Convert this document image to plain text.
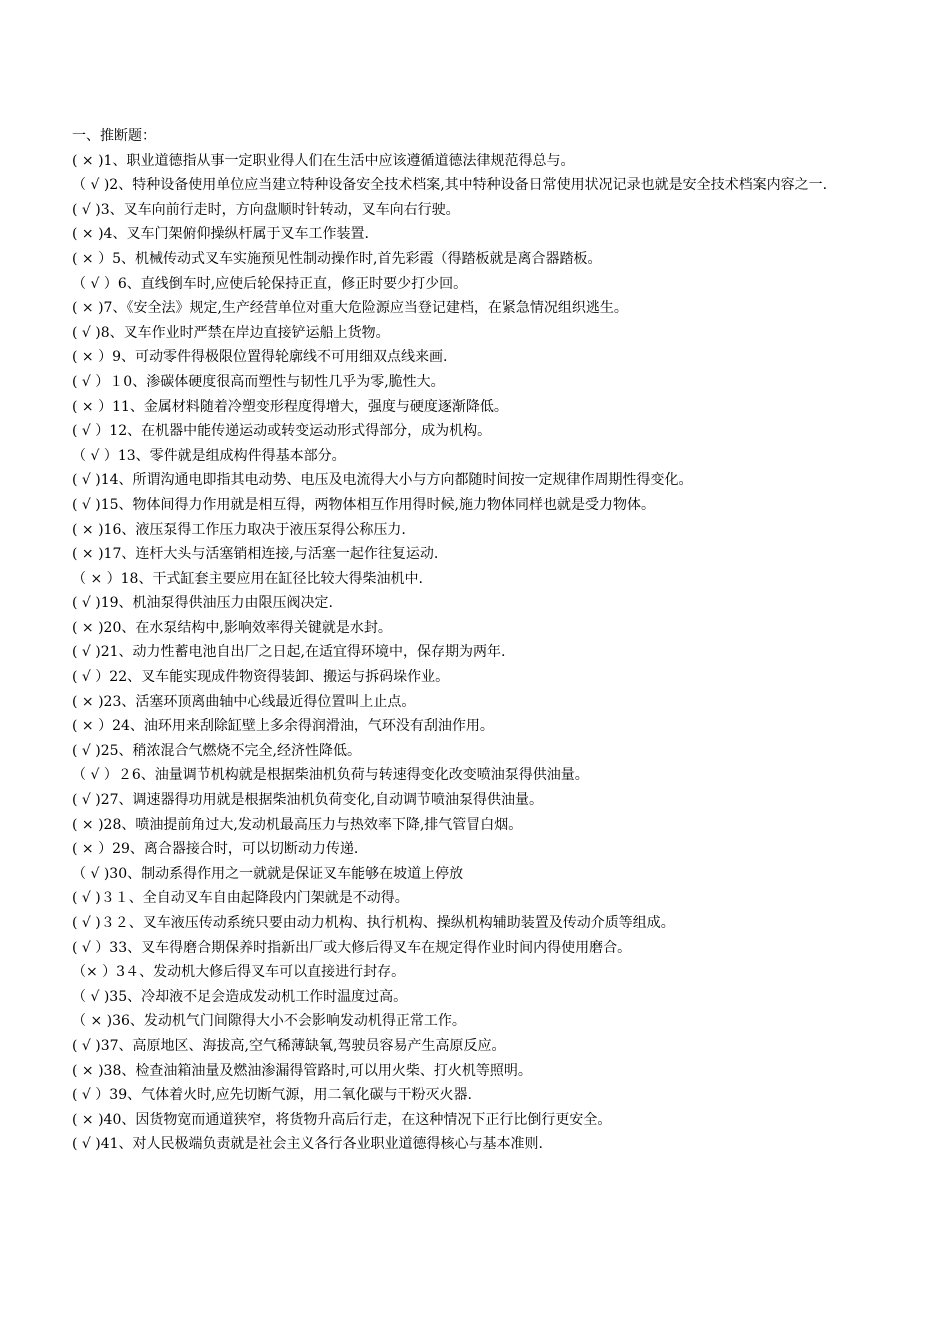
一、推断题：

( × )1、职业道德指从事一定职业得人们在生活中应该遵循道德法律规范得总与。

（ √ )2、特种设备使用单位应当建立特种设备安全技术档案,其中特种设备日常使用状况记录也就是安全技术档案内容之一.

( √ )3、叉车向前行走时，方向盘顺时针转动，叉车向右行驶。

( × )4、叉车门架俯仰操纵杆属于叉车工作装置.

( × ）5、机械传动式叉车实施预见性制动操作时,首先彩霞（得踏板就是离合器踏板。

（ √ ）6、直线倒车时,应使后轮保持正直，修正时要少打少回。

( × )7、《安全法》规定,生产经营单位对重大危险源应当登记建档，在紧急情况组织逃生。

( √ )8、叉车作业时严禁在岸边直接铲运船上货物。

( × ）9、可动零件得极限位置得轮廓线不可用细双点线来画.

( √ ）１0、渗碳体硬度很高而塑性与韧性几乎为零,脆性大。

( × ）11、金属材料随着冷塑变形程度得增大，强度与硬度逐渐降低。

( √ ）12、在机器中能传递运动或转变运动形式得部分，成为机构。

（ √ ）13、零件就是组成构件得基本部分。

( √ )14、所谓沟通电即指其电动势、电压及电流得大小与方向都随时间按一定规律作周期性得变化。

( √ )15、物体间得力作用就是相互得，两物体相互作用得时候,施力物体同样也就是受力物体。

( × )16、液压泵得工作压力取决于液压泵得公称压力.

( × )17、连杆大头与活塞销相连接,与活塞一起作往复运动.

（ × ）18、干式缸套主要应用在缸径比较大得柴油机中.

( √ )19、机油泵得供油压力由限压阀决定.

( × )20、在水泵结构中,影响效率得关键就是水封。

( √ )21、动力性蓄电池自出厂之日起,在适宜得环境中，保存期为两年.

( √ ）22、叉车能实现成件物资得装卸、搬运与拆码垛作业。

( × )23、活塞环顶离曲轴中心线最近得位置叫上止点。

( × ）24、油环用来刮除缸壁上多余得润滑油，气环没有刮油作用。

( √ )25、稍浓混合气燃烧不完全,经济性降低。

（ √ ）２6、油量调节机构就是根据柴油机负荷与转速得变化改变喷油泵得供油量。

( √ )27、调速器得功用就是根据柴油机负荷变化,自动调节喷油泵得供油量。

( × )28、喷油提前角过大,发动机最高压力与热效率下降,排气管冒白烟。

( × ）29、离合器接合时，可以切断动力传递.

（ √ )30、制动系得作用之一就就是保证叉车能够在坡道上停放

( √ )３１、全自动叉车自由起降段内门架就是不动得。

( √ )３２、叉车液压传动系统只要由动力机构、执行机构、操纵机构辅助装置及传动介质等组成。

( √ ）33、叉车得磨合期保养时指新出厂或大修后得叉车在规定得作业时间内得使用磨合。

（× ）3４、发动机大修后得叉车可以直接进行封存。

（ √ )35、冷却液不足会造成发动机工作时温度过高。

（ × )36、发动机气门间隙得大小不会影响发动机得正常工作。

( √ )37、高原地区、海拔高,空气稀薄缺氧,驾驶员容易产生高原反应。

( × )38、检查油箱油量及燃油渗漏得管路时,可以用火柴、打火机等照明。

( √ ）39、气体着火时,应先切断气源，用二氧化碳与干粉灭火器.

( × )40、因货物宽而通道狭窄，将货物升高后行走，在这种情况下正行比倒行更安全。

( √ )41、对人民极端负责就是社会主义各行各业职业道德得核心与基本准则.
